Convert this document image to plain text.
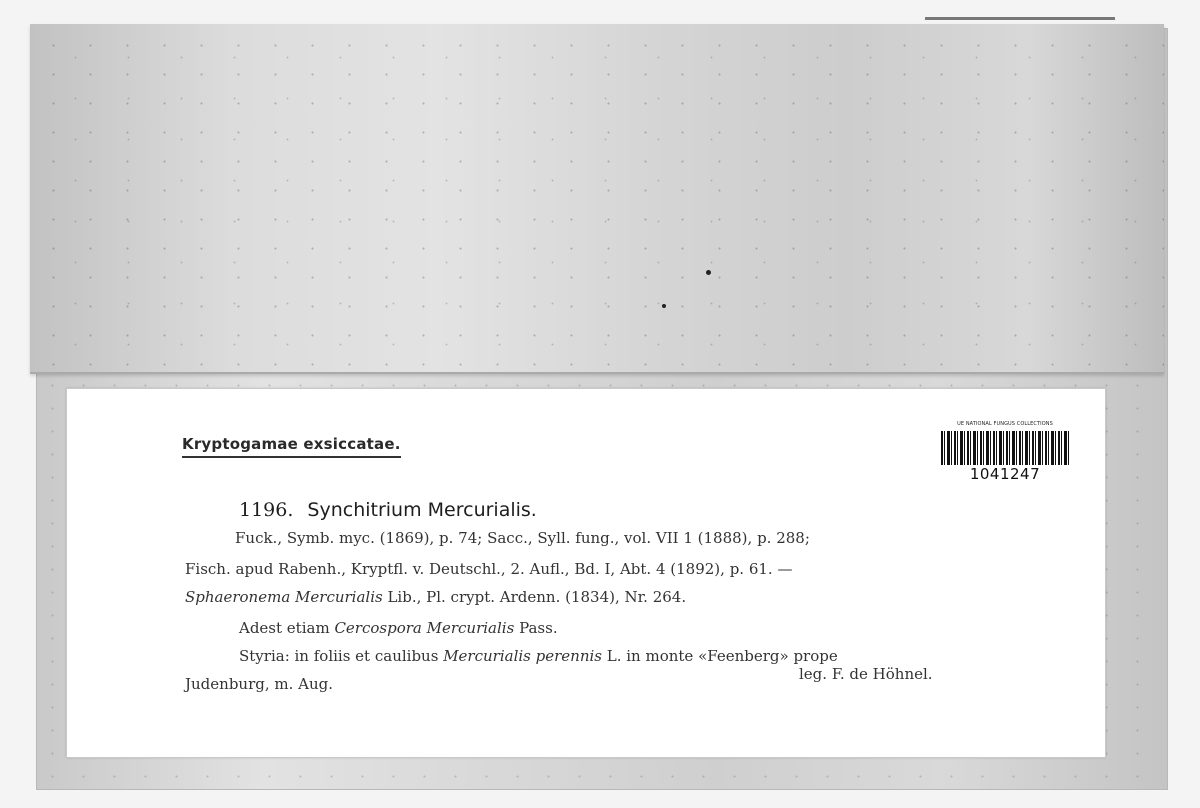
Kryptogamae exsiccatae.
UE NATIONAL FUNGUS COLLECTIONS
1041247
1196. Synchitrium Mercurialis.
Fuck., Symb. myc. (1869), p. 74; Sacc., Syll. fung., vol. VII 1 (1888), p. 288;
Fisch. apud Rabenh., Kryptfl. v. Deutschl., 2. Aufl., Bd. I, Abt. 4 (1892), p. 61. —
Sphaeronema Mercurialis Lib., Pl. crypt. Ardenn. (1834), Nr. 264.
Adest etiam Cercospora Mercurialis Pass.
Styria: in foliis et caulibus Mercurialis perennis L. in monte «Feenberg» prope
Judenburg, m. Aug.
leg. F. de Höhnel.
